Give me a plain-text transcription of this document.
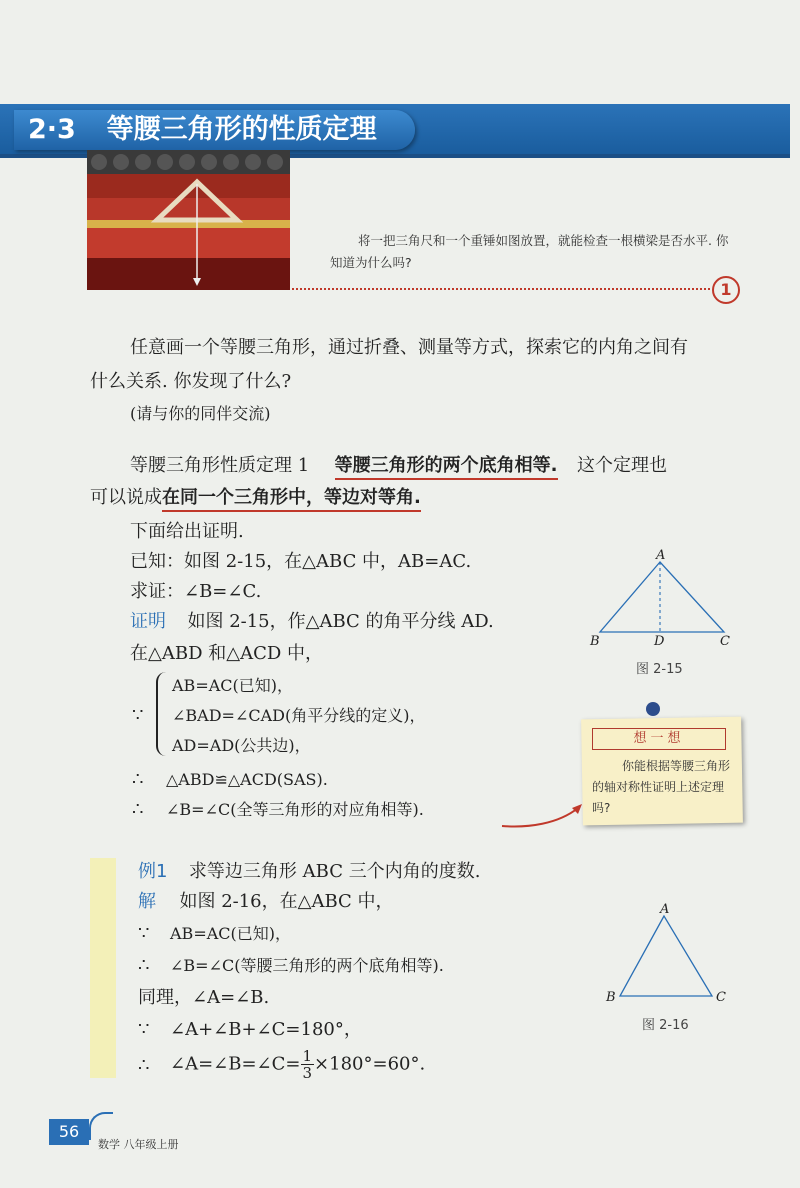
2·3 等腰三角形的性质定理
将一把三角尺和一个重锤如图放置，就能检查一根横梁是否水平. 你知道为什么吗?
1
任意画一个等腰三角形，通过折叠、测量等方式，探索它的内角之间有
什么关系. 你发现了什么?
(请与你的同伴交流)
等腰三角形性质定理 1 等腰三角形的两个底角相等. 这个定理也
可以说成在同一个三角形中，等边对等角.
下面给出证明.
已知：如图 2-15，在△ABC 中，AB=AC.
求证：∠B=∠C.
证明 如图 2-15，作△ABC 的角平分线 AD.
在△ABD 和△ACD 中，
∵
AB=AC(已知)，
∠BAD=∠CAD(角平分线的定义)，
AD=AD(公共边)，
∴ △ABD≌△ACD(SAS).
∴ ∠B=∠C(全等三角形的对应角相等).
A
B	D	C
图 2-15
想一想
你能根据等腰三角形的轴对称性证明上述定理吗?
例1 求等边三角形 ABC 三个内角的度数.
解 如图 2-16，在△ABC 中，
∵ AB=AC(已知)，
∴ ∠B=∠C(等腰三角形的两个底角相等).
同理，∠A=∠B.
∵ ∠A+∠B+∠C=180°，
∴ ∠A=∠B=∠C= $\frac{1}{3} \times 180^\circ=60^\circ$.
A
B	C
图 2-16
56
数学 八年级上册
